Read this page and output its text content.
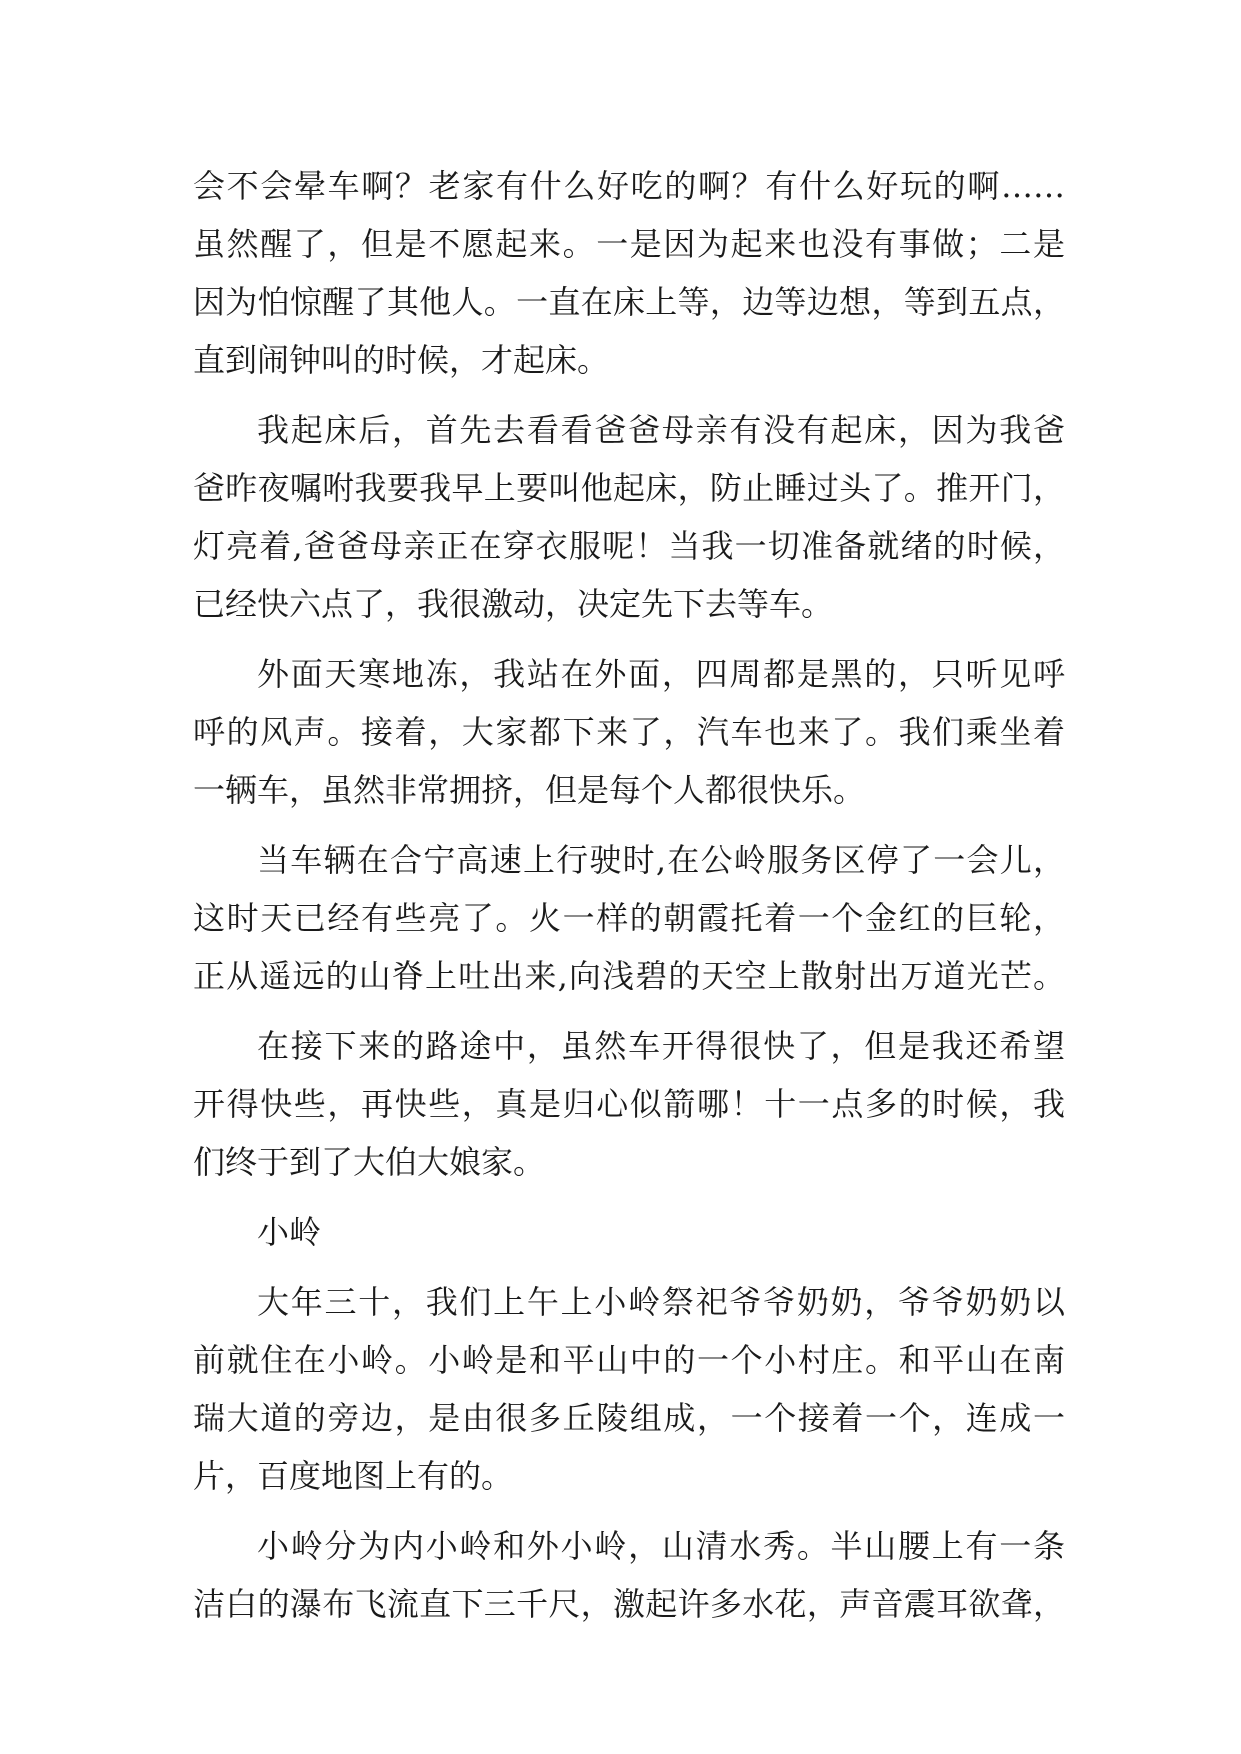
会不会晕车啊？老家有什么好吃的啊？有什么好玩的啊……
虽然醒了，但是不愿起来。一是因为起来也没有事做；二是
因为怕惊醒了其他人。一直在床上等，边等边想，等到五点，
直到闹钟叫的时候，才起床。
我起床后，首先去看看爸爸母亲有没有起床，因为我爸
爸昨夜嘱咐我要我早上要叫他起床，防止睡过头了。推开门，
灯亮着,爸爸母亲正在穿衣服呢！当我一切准备就绪的时候，
已经快六点了，我很激动，决定先下去等车。
外面天寒地冻，我站在外面，四周都是黑的，只听见呼
呼的风声。接着，大家都下来了，汽车也来了。我们乘坐着
一辆车，虽然非常拥挤，但是每个人都很快乐。
当车辆在合宁高速上行驶时,在公岭服务区停了一会儿，
这时天已经有些亮了。火一样的朝霞托着一个金红的巨轮，
正从遥远的山脊上吐出来,向浅碧的天空上散射出万道光芒。
在接下来的路途中，虽然车开得很快了，但是我还希望
开得快些，再快些，真是归心似箭哪！十一点多的时候，我
们终于到了大伯大娘家。
小岭
大年三十，我们上午上小岭祭祀爷爷奶奶，爷爷奶奶以
前就住在小岭。小岭是和平山中的一个小村庄。和平山在南
瑞大道的旁边，是由很多丘陵组成，一个接着一个，连成一
片，百度地图上有的。
小岭分为内小岭和外小岭，山清水秀。半山腰上有一条
洁白的瀑布飞流直下三千尺，激起许多水花，声音震耳欲聋，
